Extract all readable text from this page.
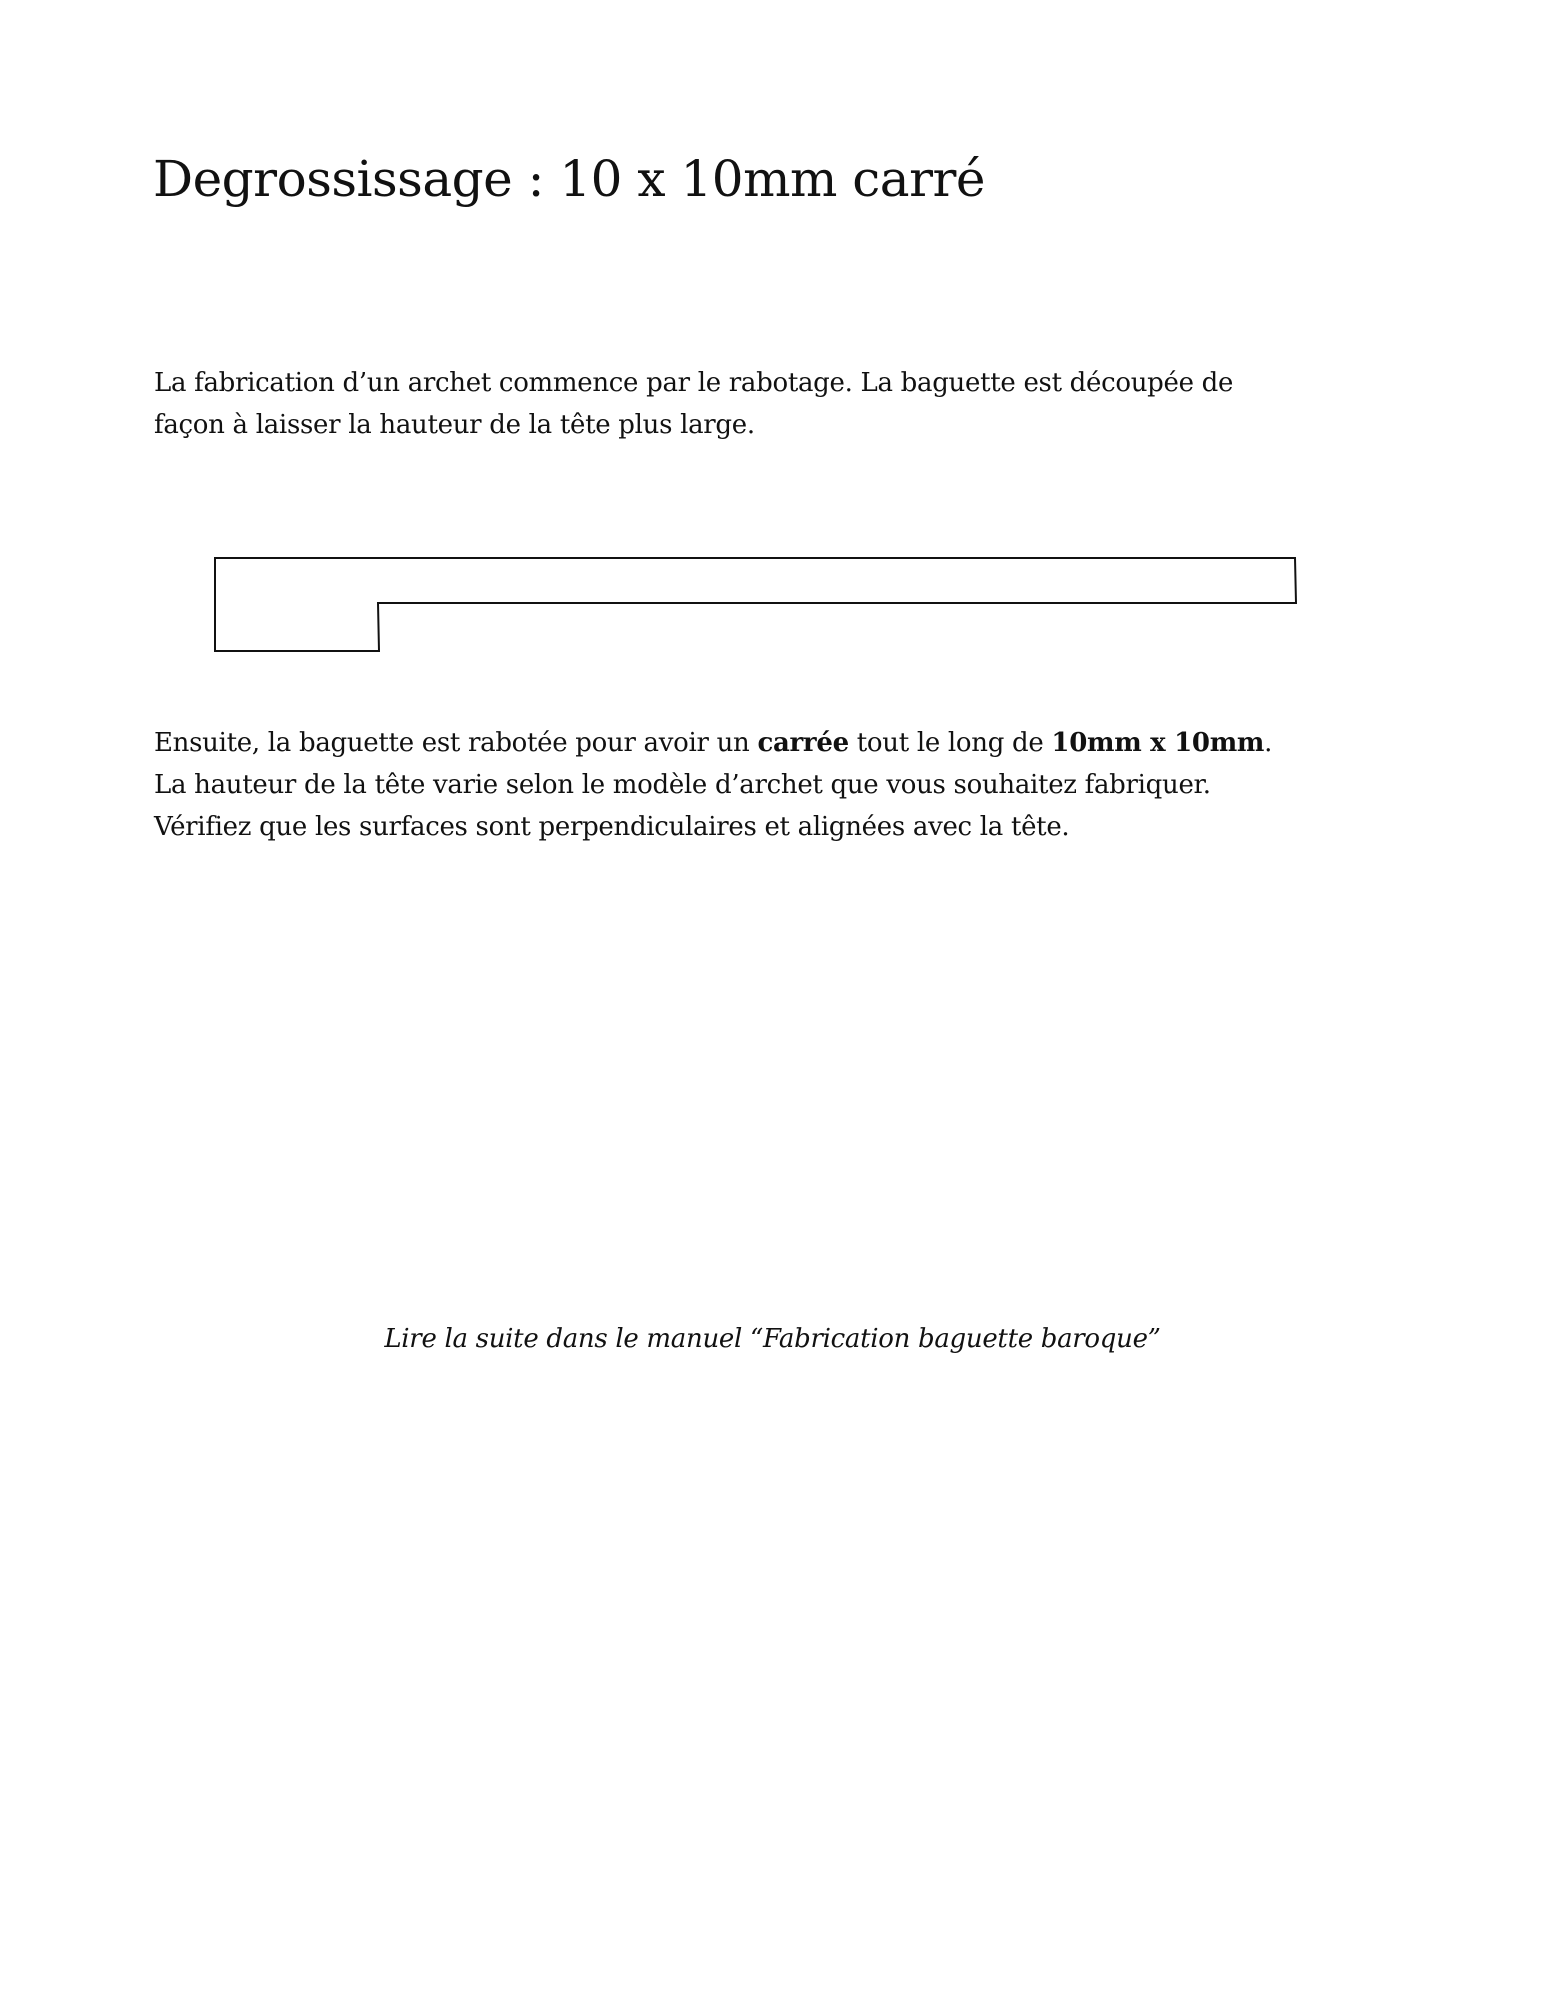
Degrossissage : 10 x 10mm carré

La fabrication d’un archet commence par le rabotage. La baguette est découpée de
façon à laisser la hauteur de la tête plus large.

Ensuite, la baguette est rabotée pour avoir un carrée tout le long de 10mm x 10mm.
La hauteur de la tête varie selon le modèle d’archet que vous souhaitez fabriquer.
Vérifiez que les surfaces sont perpendiculaires et alignées avec la tête.

Lire la suite dans le manuel “Fabrication baguette baroque”
